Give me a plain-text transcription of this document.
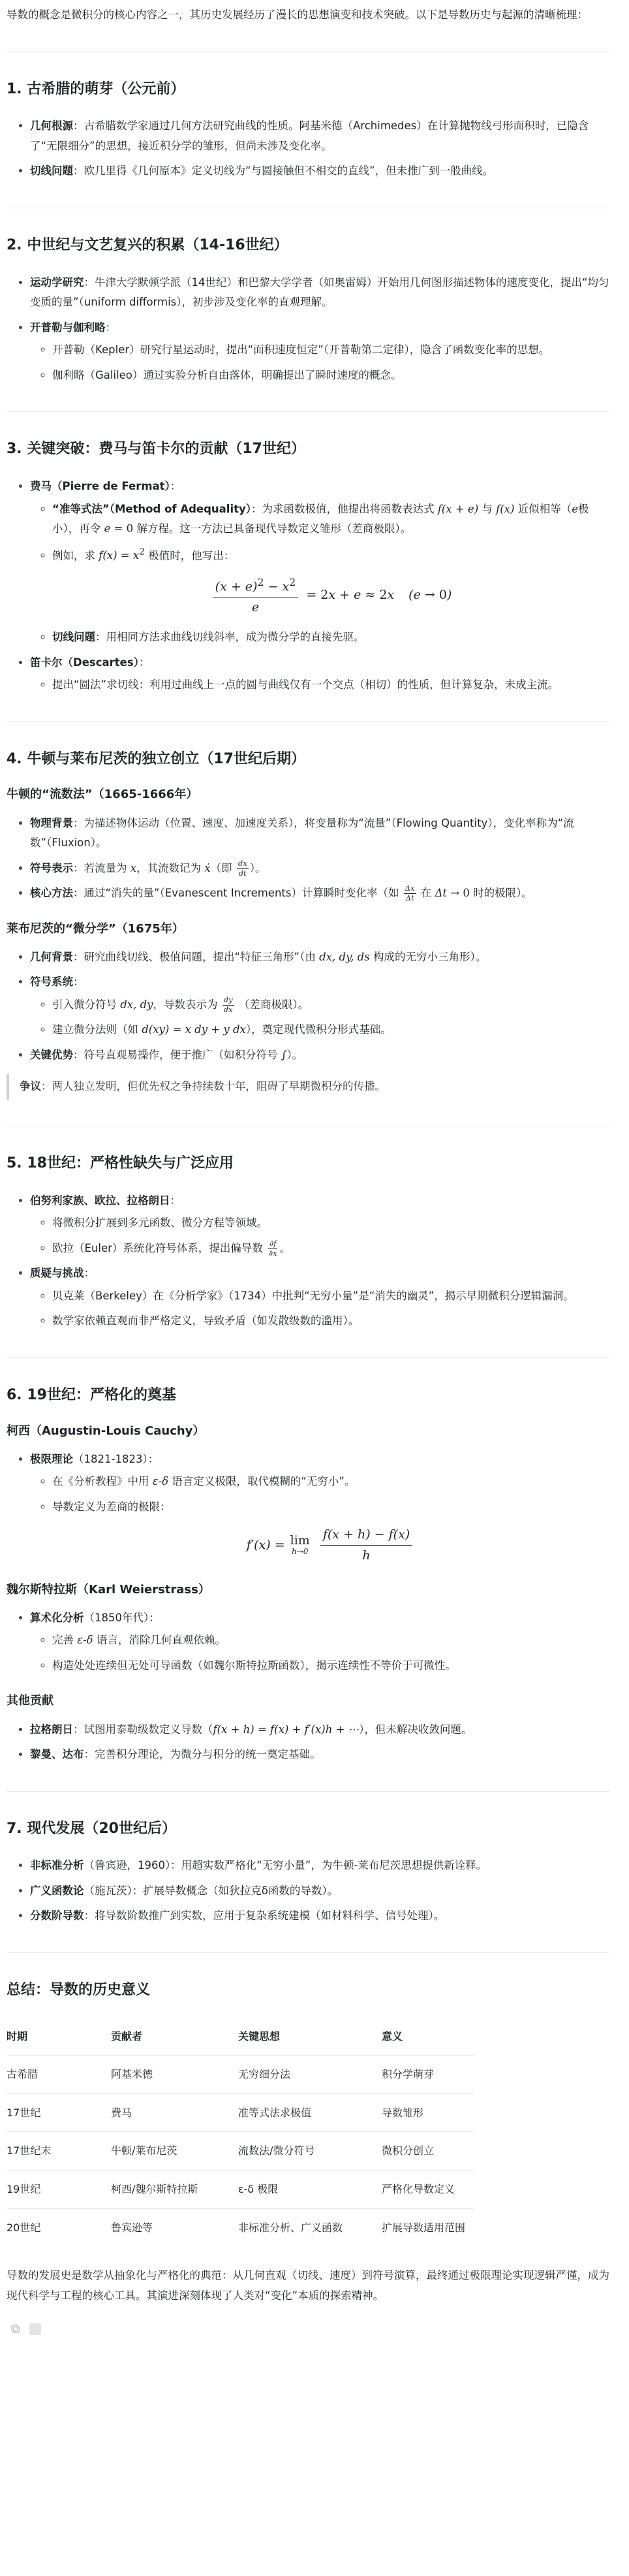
导数的概念是微积分的核心内容之一，其历史发展经历了漫长的思想演变和技术突破。以下是导数历史与起源的清晰梳理：

1. 古希腊的萌芽（公元前）
• 几何根源：古希腊数学家通过几何方法研究曲线的性质。阿基米德（Archimedes）在计算抛物线弓形面积时，已隐含了“无限细分”的思想，接近积分学的雏形，但尚未涉及变化率。
• 切线问题：欧几里得《几何原本》定义切线为“与圆接触但不相交的直线”，但未推广到一般曲线。
2. 中世纪与文艺复兴的积累（14-16世纪）
• 运动学研究：牛津大学默顿学派（14世纪）和巴黎大学学者（如奥雷姆）开始用几何图形描述物体的速度变化，提出“均匀变质的量”（uniform difformis），初步涉及变化率的直观理解。
• 开普勒与伽利略：
◦ 开普勒（Kepler）研究行星运动时，提出“面积速度恒定”（开普勒第二定律），隐含了函数变化率的思想。
◦ 伽利略（Galileo）通过实验分析自由落体，明确提出了瞬时速度的概念。
3. 关键突破：费马与笛卡尔的贡献（17世纪）
• 费马（Pierre de Fermat）：
◦ “准等式法”（Method of Adequality）：为求函数极值，他提出将函数表达式 f(x + e) 与 f(x) 近似相等（e极小），再令 e = 0 解方程。这一方法已具备现代导数定义雏形（差商极限）。
◦ 例如，求 $f(x) = x^2$ 极值时，他写出：
$\frac{(x + e)^2 - x^2}{e} = 2x + e \approx 2x$ (e → 0)
◦ 切线问题：用相同方法求曲线切线斜率，成为微分学的直接先驱。
• 笛卡尔（Descartes）：
◦ 提出“圆法”求切线：利用过曲线上一点的圆与曲线仅有一个交点（相切）的性质，但计算复杂，未成主流。
4. 牛顿与莱布尼茨的独立创立（17世纪后期）
牛顿的“流数法”（1665-1666年）
• 物理背景：为描述物体运动（位置、速度、加速度关系），将变量称为“流量”（Flowing Quantity），变化率称为“流数”（Fluxion）。
• 符号表示：若流量为 x，其流数记为 ẋ（即 $\frac{dx}{dt}$ ）。
• 核心方法：通过“消失的量”（Evanescent Increments）计算瞬时变化率（如 $\frac{\Delta x}{\Delta t}$ 在 Δt → 0 时的极限）。
莱布尼茨的“微分学”（1675年）
• 几何背景：研究曲线切线、极值问题，提出“特征三角形”（由 dx, dy, ds 构成的无穷小三角形）。
• 符号系统：
◦ 引入微分符号 dx, dy，导数表示为 $\frac{dy}{dx}$ （差商极限）。
◦ 建立微分法则（如 d(xy) = x dy + y dx），奠定现代微积分形式基础。
• 关键优势：符号直观易操作，便于推广（如积分符号 ∫）。
争议：两人独立发明，但优先权之争持续数十年，阻碍了早期微积分的传播。
5. 18世纪：严格性缺失与广泛应用
• 伯努利家族、欧拉、拉格朗日：
◦ 将微积分扩展到多元函数、微分方程等领域。
◦ 欧拉（Euler）系统化符号体系，提出偏导数 $\frac{\partial f}{\partial x}$ 。
• 质疑与挑战：
◦ 贝克莱（Berkeley）在《分析学家》（1734）中批判“无穷小量”是“消失的幽灵”，揭示早期微积分逻辑漏洞。
◦ 数学家依赖直观而非严格定义，导致矛盾（如发散级数的滥用）。
6. 19世纪：严格化的奠基
柯西（Augustin-Louis Cauchy）
• 极限理论（1821-1823）：
◦ 在《分析教程》中用 ε-δ 语言定义极限，取代模糊的“无穷小”。
◦ 导数定义为差商的极限：
f′(x) = lim
$h\to 0 \frac{f(x + h) - f(x)}{h}$
魏尔斯特拉斯（Karl Weierstrass）
• 算术化分析（1850年代）：
◦ 完善 ε-δ 语言，消除几何直观依赖。
◦ 构造处处连续但无处可导函数（如魏尔斯特拉斯函数），揭示连续性不等价于可微性。
其他贡献
• 拉格朗日：试图用泰勒级数定义导数（f(x + h) = f(x) + f′(x)h + ⋯），但未解决收敛问题。
• 黎曼、达布：完善积分理论，为微分与积分的统一奠定基础。
7. 现代发展（20世纪后）
• 非标准分析（鲁宾逊，1960）：用超实数严格化“无穷小量”，为牛顿-莱布尼茨思想提供新诠释。
• 广义函数论（施瓦茨）：扩展导数概念（如狄拉克δ函数的导数）。
• 分数阶导数：将导数阶数推广到实数，应用于复杂系统建模（如材料科学、信号处理）。
总结：导数的历史意义
时期	贡献者	关键思想	意义
古希腊	阿基米德	无穷细分法	积分学萌芽
17世纪	费马	准等式法求极值	导数雏形
17世纪末	牛顿/莱布尼茨	流数法/微分符号	微积分创立
19世纪	柯西/魏尔斯特拉斯	ε-δ 极限	严格化导数定义
20世纪	鲁宾逊等	非标准分析、广义函数	扩展导数适用范围

导数的发展史是数学从抽象化与严格化的典范：从几何直观（切线、速度）到符号演算，最终通过极限理论实现逻辑严谨，成为现代科学与工程的核心工具。其演进深刻体现了人类对“变化”本质的探索精神。
